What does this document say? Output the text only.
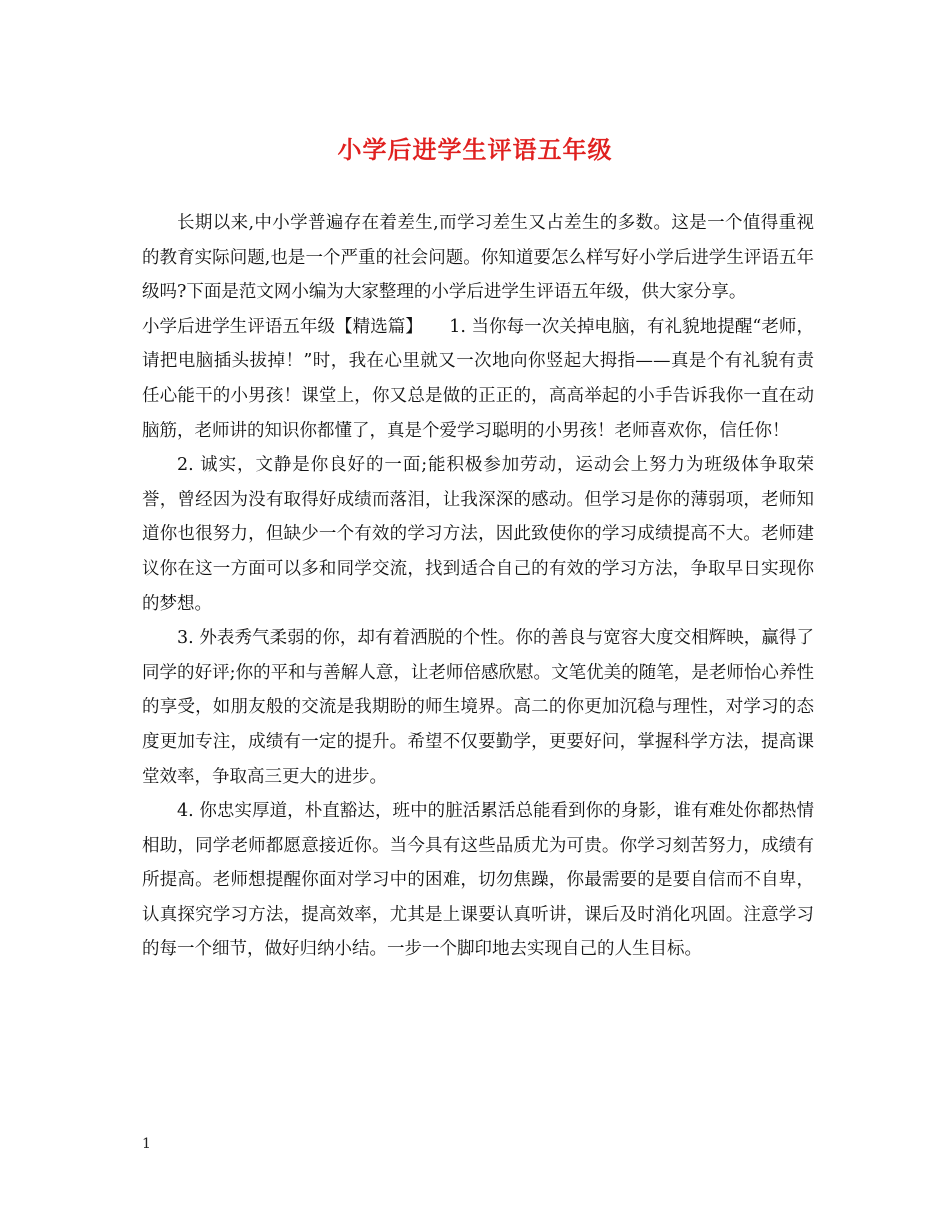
小学后进学生评语五年级

长期以来,中小学普遍存在着差生,而学习差生又占差生的多数。这是一个值得重视的教育实际问题,也是一个严重的社会问题。你知道要怎么样写好小学后进学生评语五年级吗?下面是范文网小编为大家整理的小学后进学生评语五年级，供大家分享。

小学后进学生评语五年级【精选篇】　　1. 当你每一次关掉电脑，有礼貌地提醒“老师，请把电脑插头拔掉！”时，我在心里就又一次地向你竖起大拇指——真是个有礼貌有责任心能干的小男孩！课堂上，你又总是做的正正的，高高举起的小手告诉我你一直在动脑筋，老师讲的知识你都懂了，真是个爱学习聪明的小男孩！老师喜欢你，信任你！

2. 诚实，文静是你良好的一面;能积极参加劳动，运动会上努力为班级体争取荣誉，曾经因为没有取得好成绩而落泪，让我深深的感动。但学习是你的薄弱项，老师知道你也很努力，但缺少一个有效的学习方法，因此致使你的学习成绩提高不大。老师建议你在这一方面可以多和同学交流，找到适合自己的有效的学习方法，争取早日实现你的梦想。

3. 外表秀气柔弱的你，却有着洒脱的个性。你的善良与宽容大度交相辉映，赢得了同学的好评;你的平和与善解人意，让老师倍感欣慰。文笔优美的随笔，是老师怡心养性的享受，如朋友般的交流是我期盼的师生境界。高二的你更加沉稳与理性，对学习的态度更加专注，成绩有一定的提升。希望不仅要勤学，更要好问，掌握科学方法，提高课堂效率，争取高三更大的进步。

4. 你忠实厚道，朴直豁达，班中的脏活累活总能看到你的身影，谁有难处你都热情相助，同学老师都愿意接近你。当今具有这些品质尤为可贵。你学习刻苦努力，成绩有所提高。老师想提醒你面对学习中的困难，切勿焦躁，你最需要的是要自信而不自卑，认真探究学习方法，提高效率，尤其是上课要认真听讲，课后及时消化巩固。注意学习的每一个细节，做好归纳小结。一步一个脚印地去实现自己的人生目标。

1
